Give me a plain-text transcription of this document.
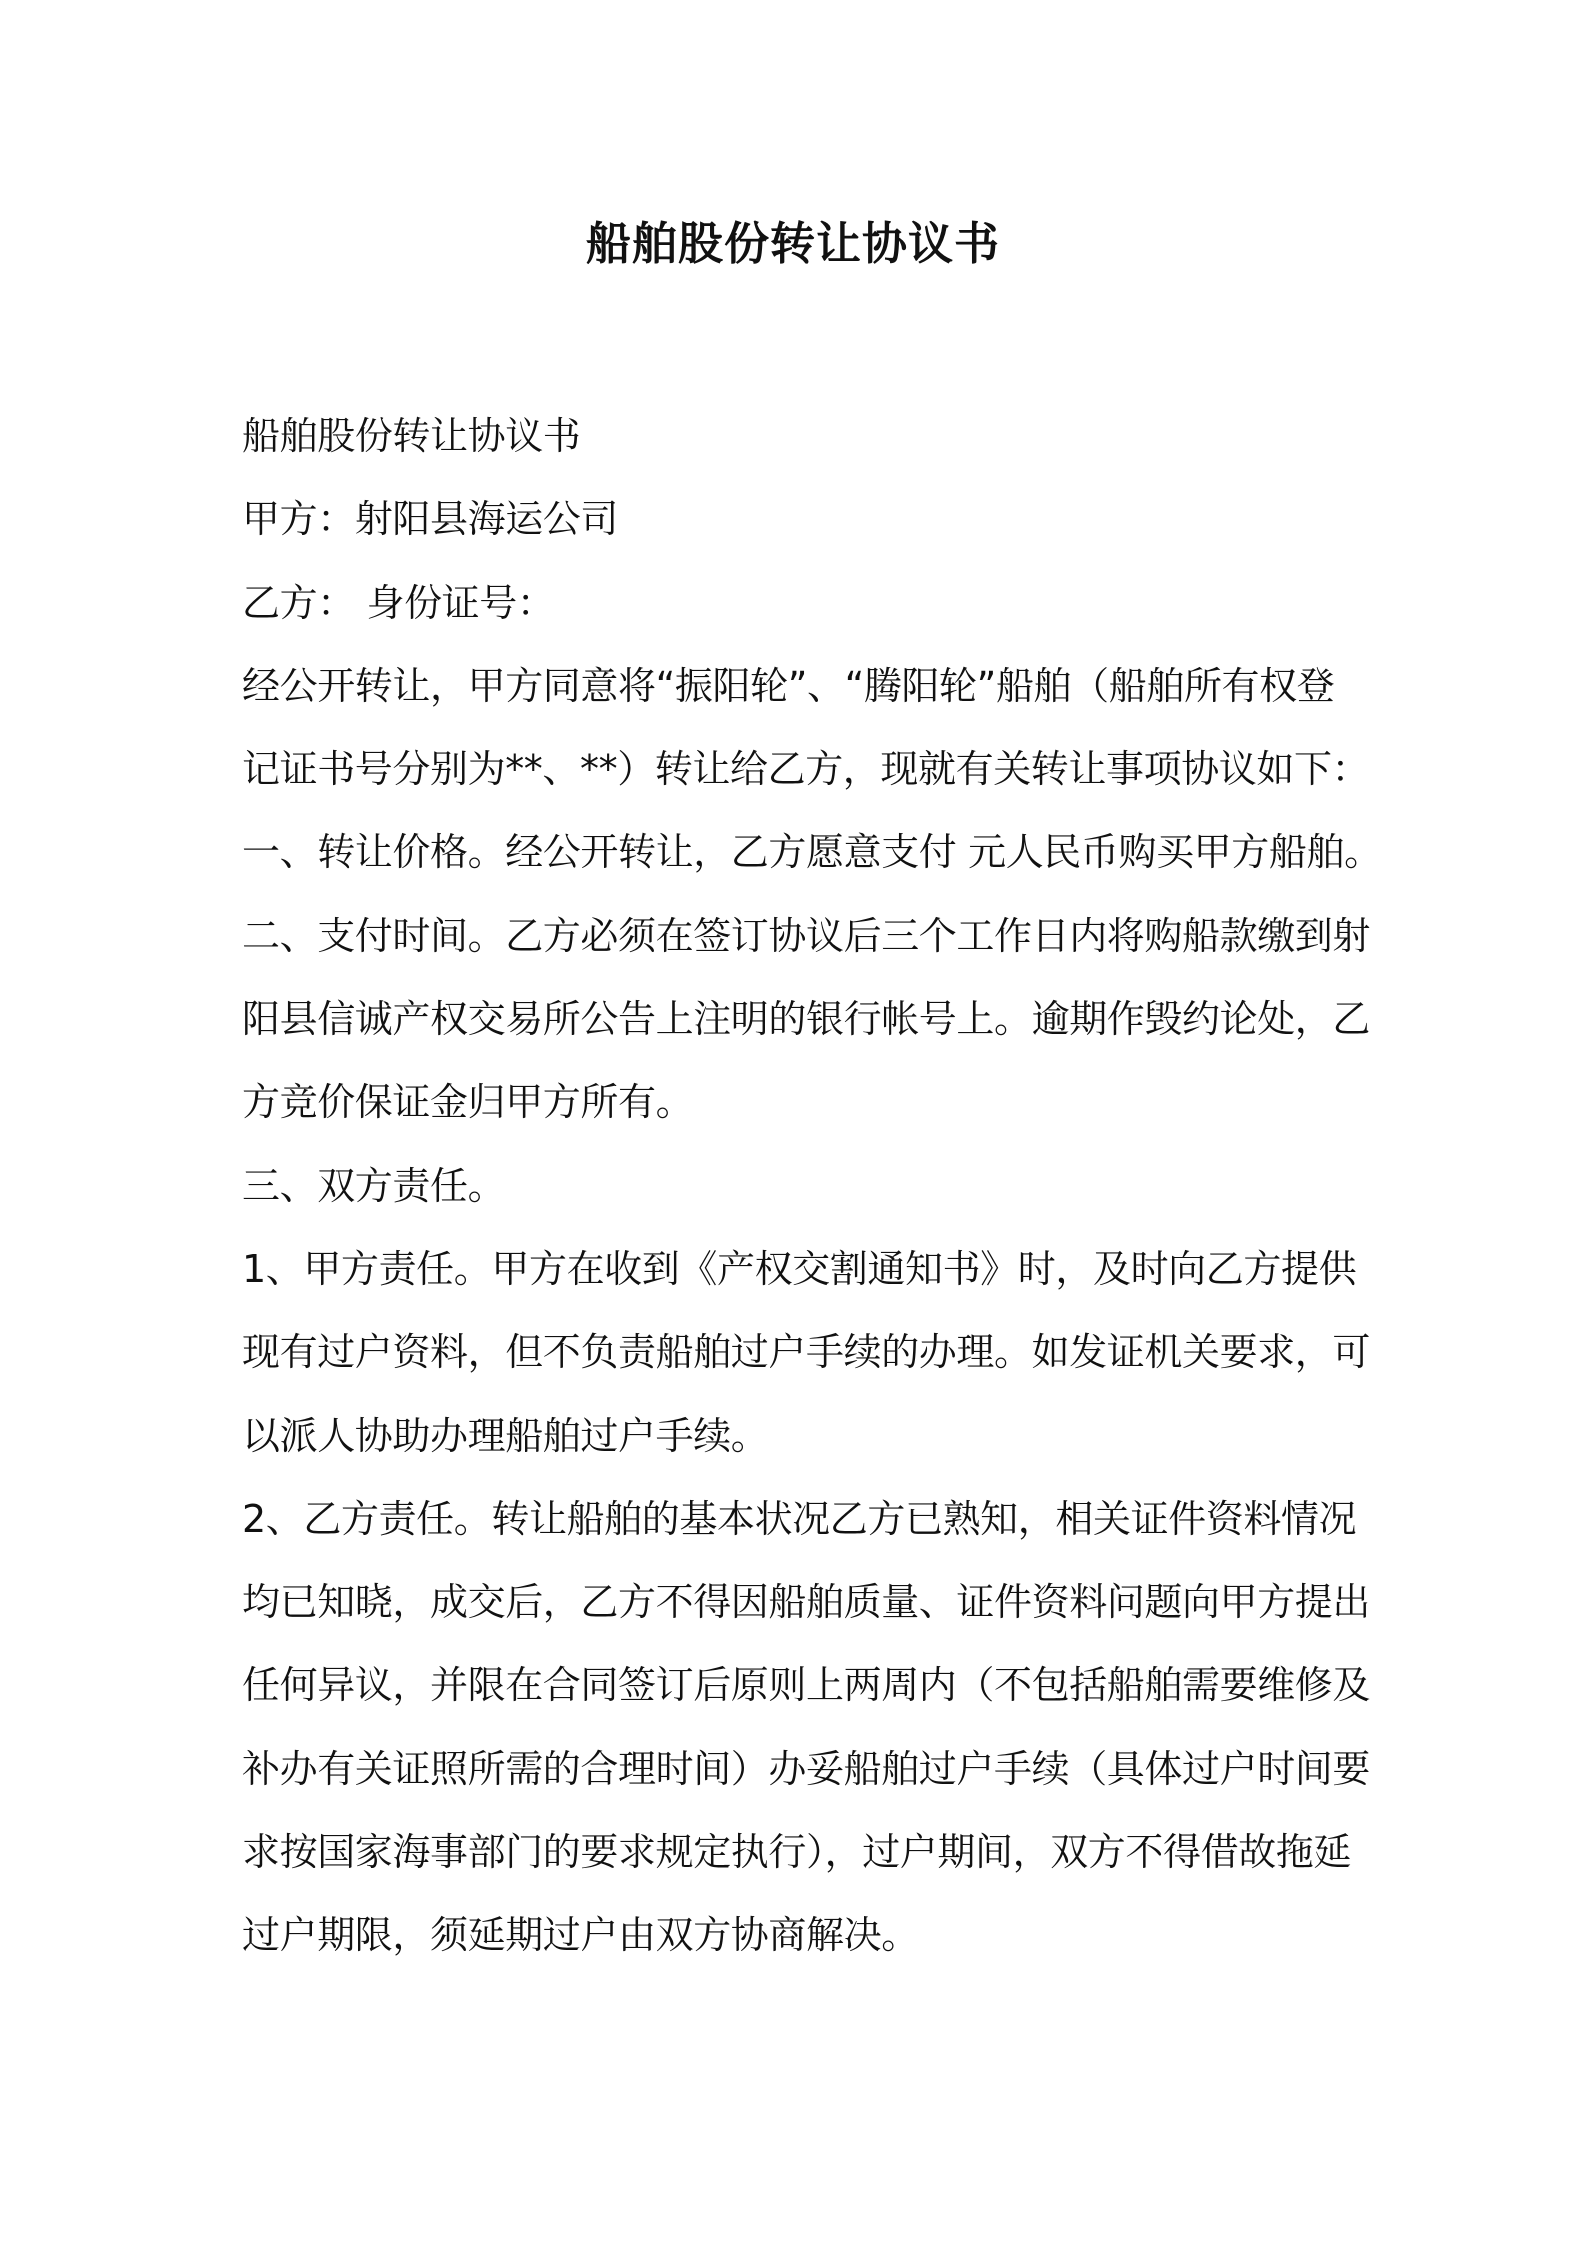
船舶股份转让协议书
船舶股份转让协议书
甲方：射阳县海运公司
乙方： 身份证号：
经公开转让，甲方同意将“振阳轮”、“腾阳轮”船舶（船舶所有权登
记证书号分别为**、**）转让给乙方，现就有关转让事项协议如下：
一、转让价格。经公开转让，乙方愿意支付 元人民币购买甲方船舶。
二、支付时间。乙方必须在签订协议后三个工作日内将购船款缴到射
阳县信诚产权交易所公告上注明的银行帐号上。逾期作毁约论处，乙
方竞价保证金归甲方所有。
三、双方责任。
1、甲方责任。甲方在收到《产权交割通知书》时，及时向乙方提供
现有过户资料，但不负责船舶过户手续的办理。如发证机关要求，可
以派人协助办理船舶过户手续。
2、乙方责任。转让船舶的基本状况乙方已熟知，相关证件资料情况
均已知晓，成交后，乙方不得因船舶质量、证件资料问题向甲方提出
任何异议，并限在合同签订后原则上两周内（不包括船舶需要维修及
补办有关证照所需的合理时间）办妥船舶过户手续（具体过户时间要
求按国家海事部门的要求规定执行），过户期间，双方不得借故拖延
过户期限，须延期过户由双方协商解决。
